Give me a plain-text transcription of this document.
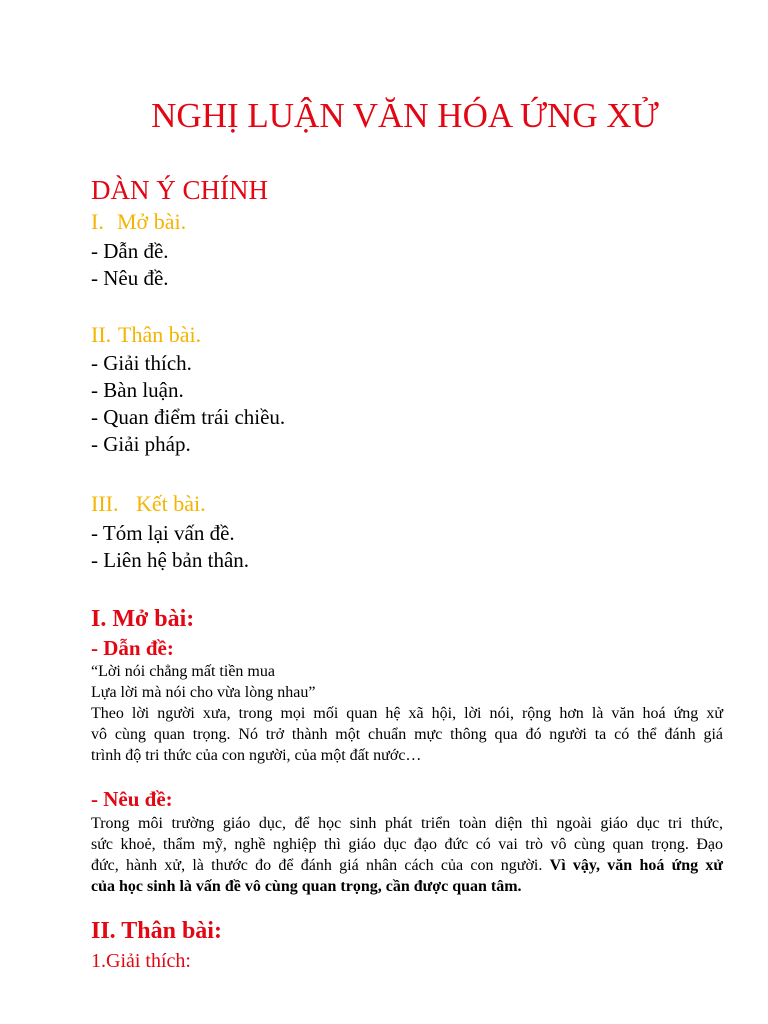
NGHỊ LUẬN VĂN HÓA ỨNG XỬ
DÀN Ý CHÍNH
I. Mở bài.
- Dẫn đề.
- Nêu đề.
II. Thân bài.
- Giải thích.
- Bàn luận.
- Quan điểm trái chiều.
- Giải pháp.
III. Kết bài.
- Tóm lại vấn đề.
- Liên hệ bản thân.
I. Mở bài:
- Dẫn đề:
“Lời nói chẳng mất tiền mua
Lựa lời mà nói cho vừa lòng nhau”
Theo lời người xưa, trong mọi mối quan hệ xã hội, lời nói, rộng hơn là văn hoá ứng xử
vô cùng quan trọng. Nó trở thành một chuẩn mực thông qua đó người ta có thể đánh giá
trình độ tri thức của con người, của một đất nước…
- Nêu đề:
Trong môi trường giáo dục, để học sinh phát triển toàn diện thì ngoài giáo dục tri thức,
sức khoẻ, thẩm mỹ, nghề nghiệp thì giáo dục đạo đức có vai trò vô cùng quan trọng. Đạo
đức, hành xử, là thước đo để đánh giá nhân cách của con người. Vì vậy, văn hoá ứng xử
của học sinh là vấn đề vô cùng quan trọng, cần được quan tâm.
II. Thân bài:
1.Giải thích:
